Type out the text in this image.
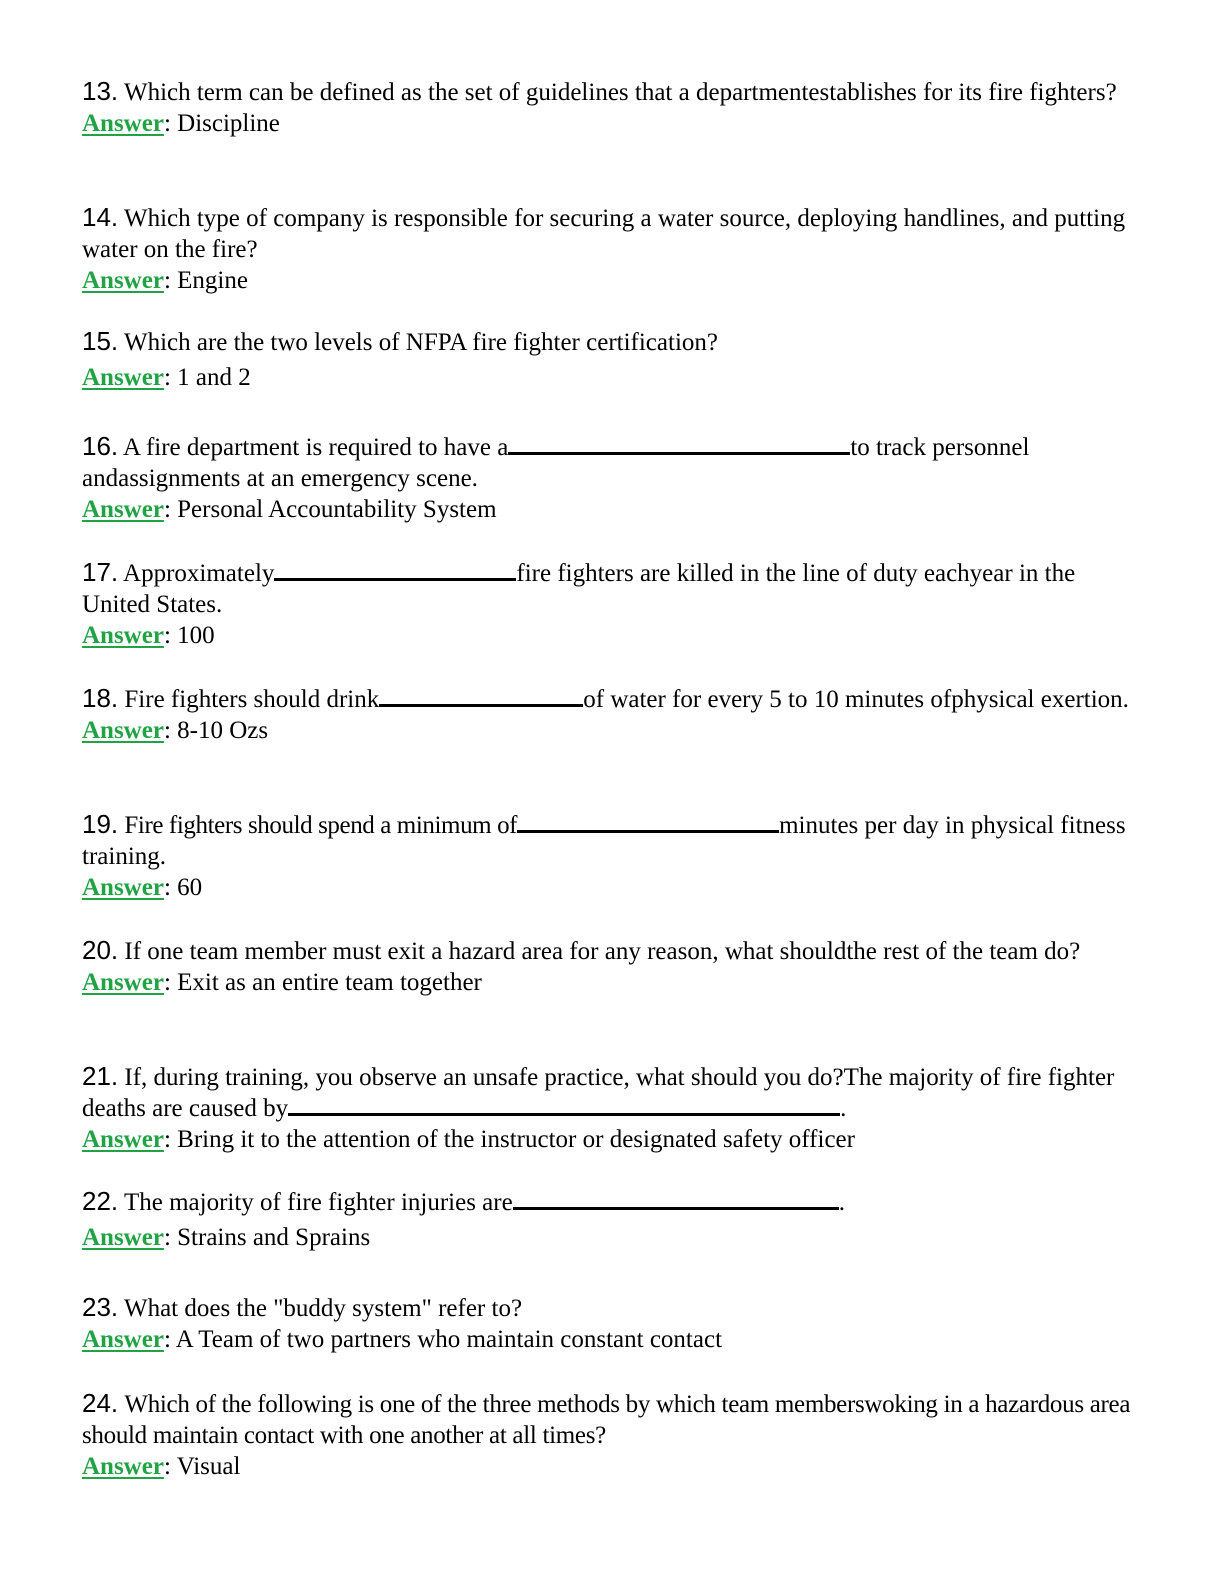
13. Which term can be defined as the set of guidelines that a departmentestablishes for its fire fighters?
Answer: Discipline
14. Which type of company is responsible for securing a water source, deploying handlines, and putting water on the fire?
Answer: Engine
15. Which are the two levels of NFPA fire fighter certification?
Answer: 1 and 2
16. A fire department is required to have a	to track personnel andassignments at an emergency scene.
Answer: Personal Accountability System
17. Approximately	fire fighters are killed in the line of duty eachyear in the United States.
Answer: 100
18. Fire fighters should drink	of water for every 5 to 10 minutes ofphysical exertion.
Answer: 8-10 Ozs
19. Fire fighters should spend a minimum of	minutes per day in physical fitness training.
Answer: 60
20. If one team member must exit a hazard area for any reason, what shouldthe rest of the team do?
Answer: Exit as an entire team together
21. If, during training, you observe an unsafe practice, what should you do?The majority of fire fighter deaths are caused by	.
Answer: Bring it to the attention of the instructor or designated safety officer
22. The majority of fire fighter injuries are	.
Answer: Strains and Sprains
23. What does the "buddy system" refer to?
Answer: A Team of two partners who maintain constant contact
24. Which of the following is one of the three methods by which team memberswoking in a hazardous area should maintain contact with one another at all times?
Answer: Visual
